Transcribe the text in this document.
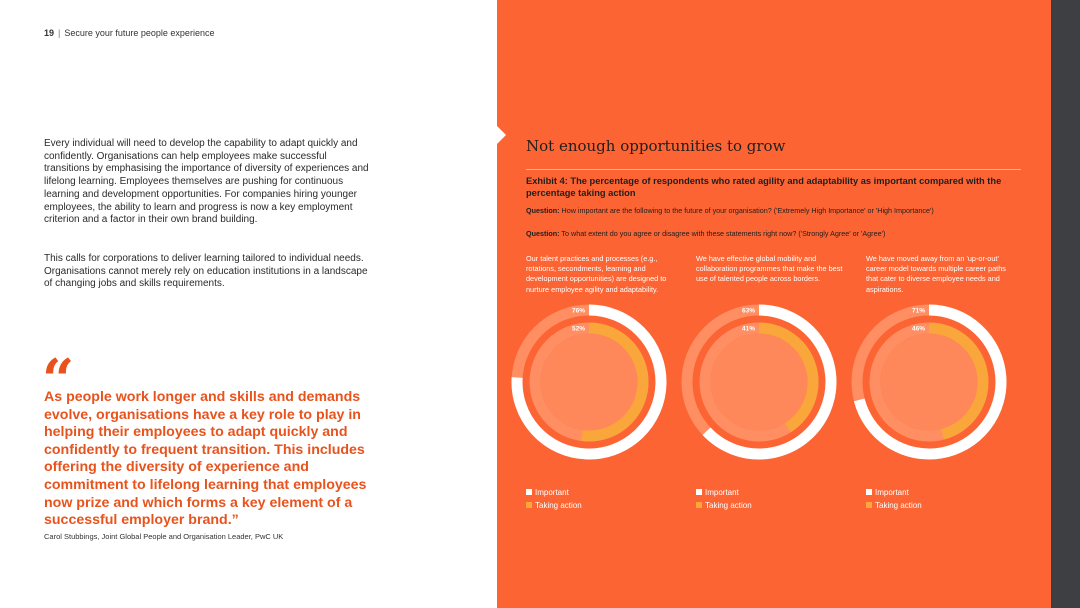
19 | Secure your future people experience

Every individual will need to develop the capability to adapt quickly and confidently. Organisations can help employees make successful transitions by emphasising the importance of diversity of experiences and lifelong learning. Employees themselves are pushing for continuous learning and development opportunities. For companies hiring younger employees, the ability to learn and progress is now a key employment criterion and a factor in their own brand building.

This calls for corporations to deliver learning tailored to individual needs. Organisations cannot merely rely on education institutions in a landscape of changing jobs and skills requirements.

“

As people work longer and skills and demands evolve, organisations have a key role to play in helping their employees to adapt quickly and confidently to frequent transition. This includes offering the diversity of experience and commitment to lifelong learning that employees now prize and which forms a key element of a successful employer brand.”

Carol Stubbings, Joint Global People and Organisation Leader, PwC UK
Not enough opportunities to grow

Exhibit 4: The percentage of respondents who rated agility and adaptability as important compared with the percentage taking action

Question: How important are the following to the future of your organisation? ('Extremely High Importance' or 'High Importance')

Question: To what extent do you agree or disagree with these statements right now? ('Strongly Agree' or 'Agree')

Our talent practices and processes (e.g., rotations, secondments, learning and development opportunities) are designed to nurture employee agility and adaptability.

We have effective global mobility and collaboration programmes that make the best use of talented people across borders.

We have moved away from an 'up-or-out' career model towards multiple career paths that cater to diverse employee needs and aspirations.

76%
52%
63%
41%
71%
46%
Important
Taking action
Important
Taking action
Important
Taking action
